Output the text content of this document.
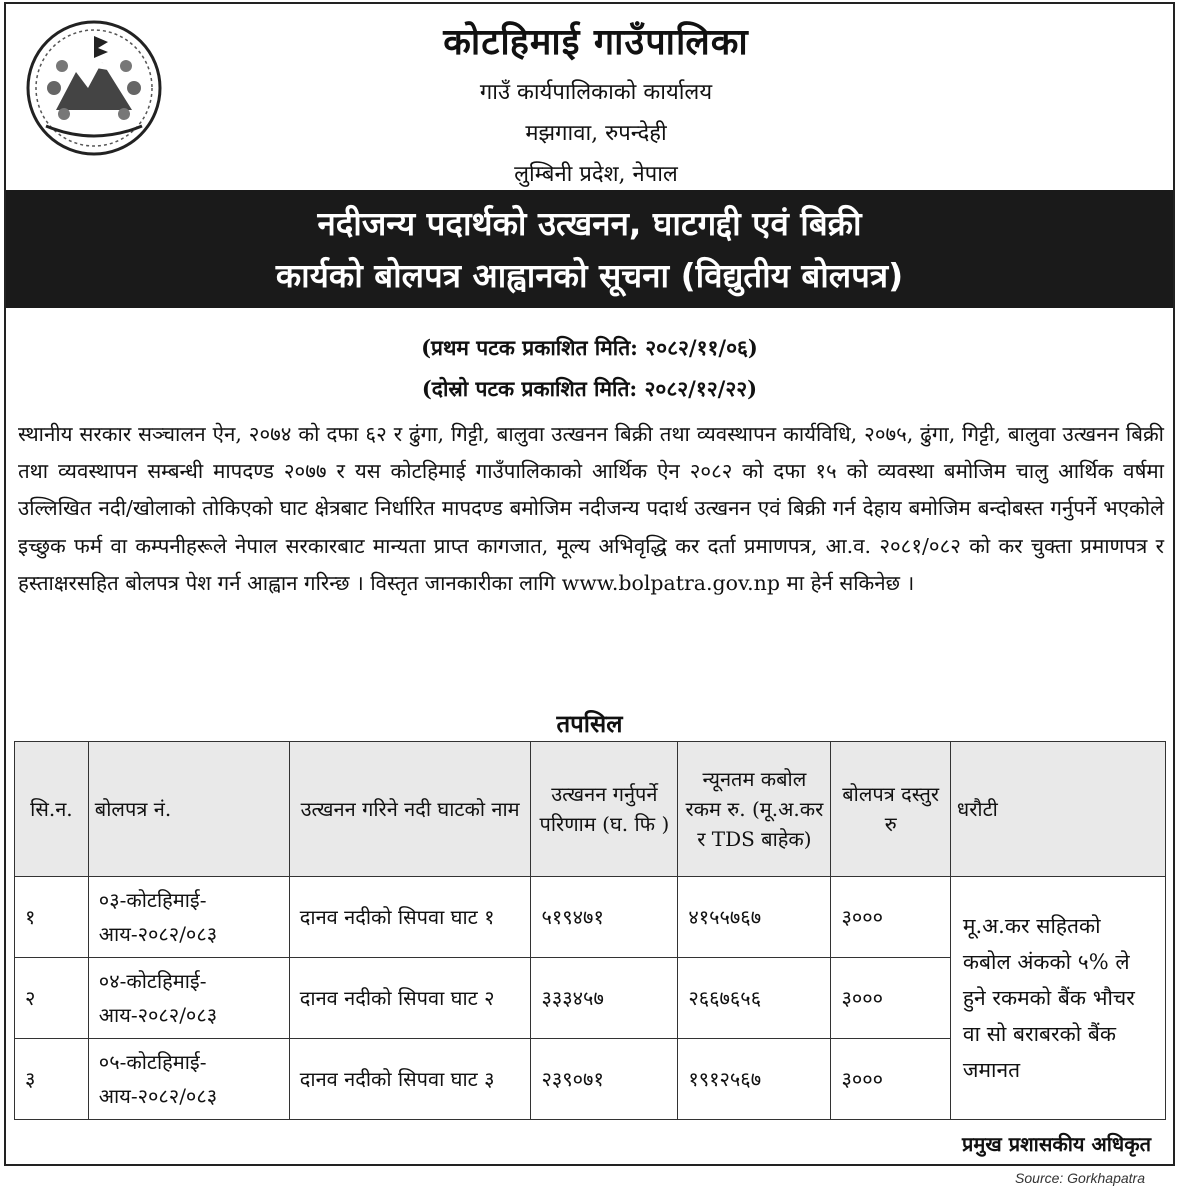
कोटहिमाई गाउँपालिका
गाउँ कार्यपालिकाको कार्यालय
मझगावा, रुपन्देही
लुम्बिनी प्रदेश, नेपाल
नदीजन्य पदार्थको उत्खनन, घाटगद्दी एवं बिक्री
कार्यको बोलपत्र आह्वानको सूचना (विद्युतीय बोलपत्र)
(प्रथम पटक प्रकाशित मिति: २०८२/११/०६)
(दोस्रो पटक प्रकाशित मिति: २०८२/१२/२२)
स्थानीय सरकार सञ्चालन ऐन, २०७४ को दफा ६२ र ढुंगा, गिट्टी, बालुवा उत्खनन बिक्री तथा व्यवस्थापन कार्यविधि, २०७५, ढुंगा, गिट्टी, बालुवा उत्खनन बिक्री तथा व्यवस्थापन सम्बन्धी मापदण्ड २०७७ र यस कोटहिमाई गाउँपालिकाको आर्थिक ऐन २०८२ को दफा १५ को व्यवस्था बमोजिम चालु आर्थिक वर्षमा उल्लिखित नदी/खोलाको तोकिएको घाट क्षेत्रबाट निर्धारित मापदण्ड बमोजिम नदीजन्य पदार्थ उत्खनन एवं बिक्री गर्न देहाय बमोजिम बन्दोबस्त गर्नुपर्ने भएकोले इच्छुक फर्म वा कम्पनीहरूले नेपाल सरकारबाट मान्यता प्राप्त कागजात, मूल्य अभिवृद्धि कर दर्ता प्रमाणपत्र, आ.व. २०८१/०८२ को कर चुक्ता प्रमाणपत्र र हस्ताक्षरसहित बोलपत्र पेश गर्न आह्वान गरिन्छ । विस्तृत जानकारीका लागि www.bolpatra.gov.np मा हेर्न सकिनेछ ।
तपसिल
सि.न.	बोलपत्र नं.	उत्खनन गरिने नदी घाटको नाम	उत्खनन गर्नुपर्ने परिणाम (घ. फि )	न्यूनतम कबोल रकम रु. (मू.अ.कर र TDS बाहेक)	बोलपत्र दस्तुर रु	धरौटी
१	०३-कोटहिमाई-आय-२०८२/०८३	दानव नदीको सिपवा घाट १	५१९४७१	४१५५७६७	३०००	मू.अ.कर सहितको कबोल अंकको ५% ले हुने रकमको बैंक भौचर वा सो बराबरको बैंक जमानत
२	०४-कोटहिमाई-आय-२०८२/०८३	दानव नदीको सिपवा घाट २	३३३४५७	२६६७६५६	३०००	
३	०५-कोटहिमाई-आय-२०८२/०८३	दानव नदीको सिपवा घाट ३	२३९०७१	१९१२५६७	३०००	
प्रमुख प्रशासकीय अधिकृत
Source: Gorkhapatra
